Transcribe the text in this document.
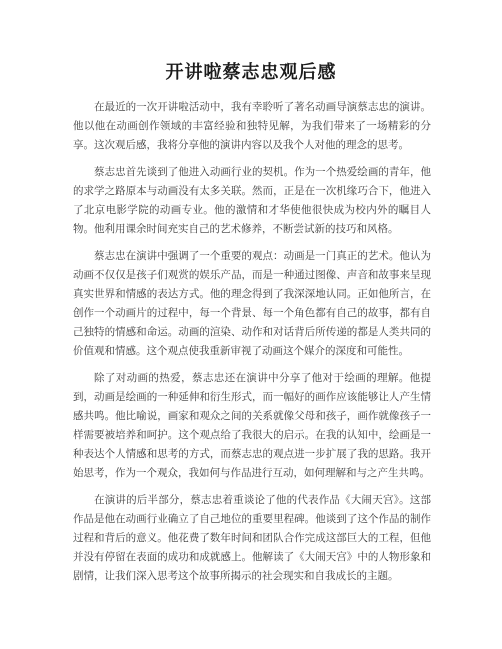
开讲啦蔡志忠观后感

在最近的一次开讲啦活动中，我有幸聆听了著名动画导演蔡志忠的演讲。他以他在动画创作领域的丰富经验和独特见解，为我们带来了一场精彩的分享。这次观后感，我将分享他的演讲内容以及我个人对他的理念的思考。

蔡志忠首先谈到了他进入动画行业的契机。作为一个热爱绘画的青年，他的求学之路原本与动画没有太多关联。然而，正是在一次机缘巧合下，他进入了北京电影学院的动画专业。他的激情和才华使他很快成为校内外的瞩目人物。他利用课余时间充实自己的艺术修养，不断尝试新的技巧和风格。

蔡志忠在演讲中强调了一个重要的观点：动画是一门真正的艺术。他认为动画不仅仅是孩子们观赏的娱乐产品，而是一种通过图像、声音和故事来呈现真实世界和情感的表达方式。他的理念得到了我深深地认同。正如他所言，在创作一个动画片的过程中，每一个背景、每一个角色都有自己的故事，都有自己独特的情感和命运。动画的渲染、动作和对话背后所传递的都是人类共同的价值观和情感。这个观点使我重新审视了动画这个媒介的深度和可能性。

除了对动画的热爱，蔡志忠还在演讲中分享了他对于绘画的理解。他提到，动画是绘画的一种延伸和衍生形式，而一幅好的画作应该能够让人产生情感共鸣。他比喻说，画家和观众之间的关系就像父母和孩子，画作就像孩子一样需要被培养和呵护。这个观点给了我很大的启示。在我的认知中，绘画是一种表达个人情感和思考的方式，而蔡志忠的观点进一步扩展了我的思路。我开始思考，作为一个观众，我如何与作品进行互动，如何理解和与之产生共鸣。

在演讲的后半部分，蔡志忠着重谈论了他的代表作品《大闹天宫》。这部作品是他在动画行业确立了自己地位的重要里程碑。他谈到了这个作品的制作过程和背后的意义。他花费了数年时间和团队合作完成这部巨大的工程，但他并没有停留在表面的成功和成就感上。他解读了《大闹天宫》中的人物形象和剧情，让我们深入思考这个故事所揭示的社会现实和自我成长的主题。
